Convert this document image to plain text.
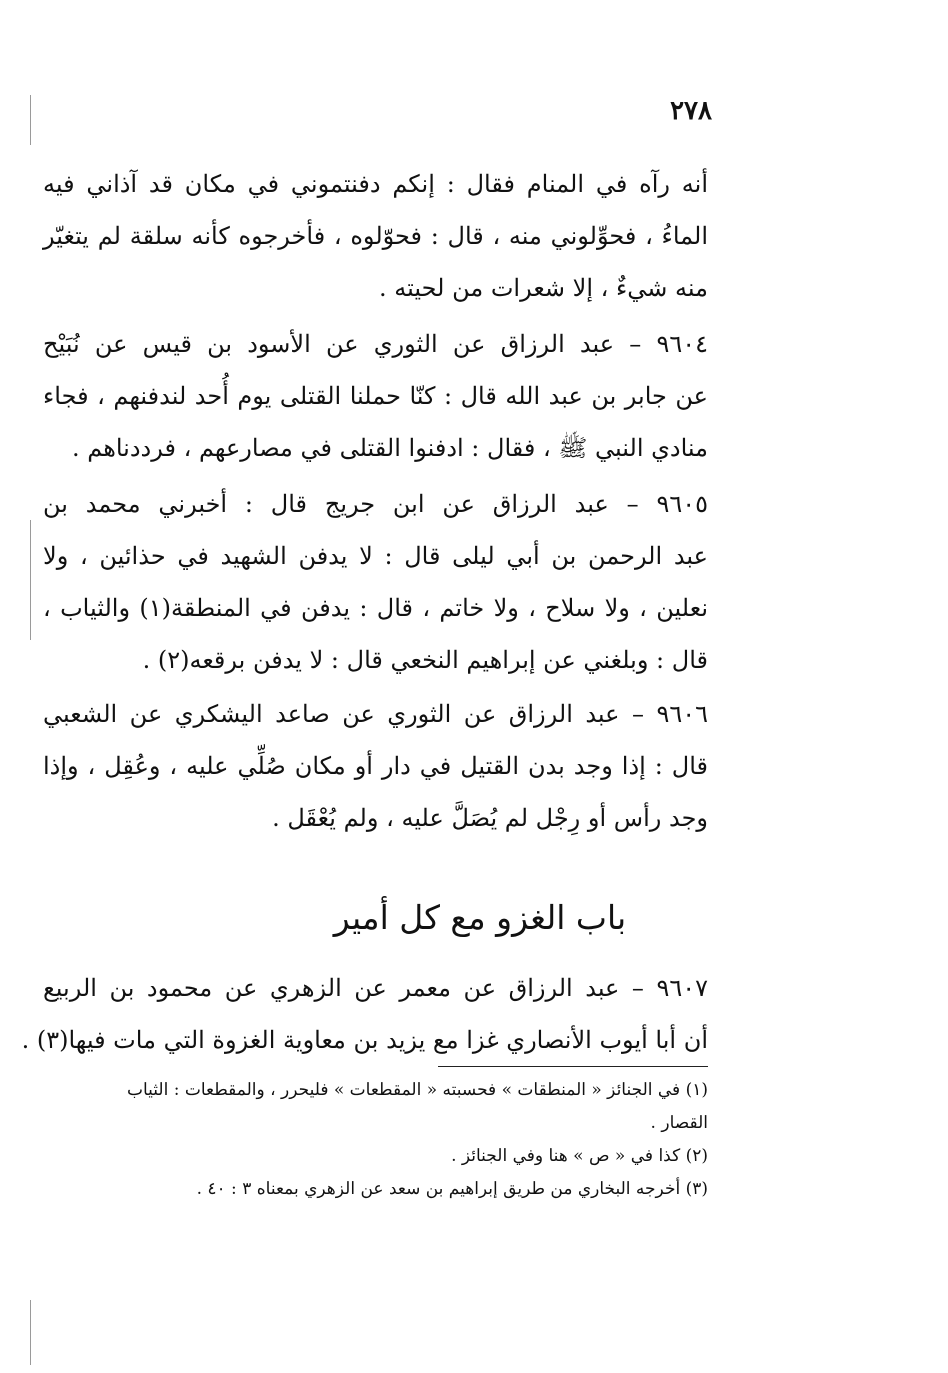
٢٧٨
أنه رآه في المنام فقال : إنكم دفنتموني في مكان قد آذاني فيه
الماءُ ، فحوِّلوني منه ، قال : فحوّلوه ، فأخرجوه كأنه سلقة لم يتغيّر
منه شيءٌ ، إلا شعرات من لحيته .
٩٦٠٤ – عبد الرزاق عن الثوري عن الأسود بن قيس عن نُبَيْح
عن جابر بن عبد الله قال : كنّا حملنا القتلى يوم أُحد لندفنهم ، فجاء
منادي النبي ﷺ ، فقال : ادفنوا القتلى في مصارعهم ، فرددناهم .
٩٦٠٥ – عبد الرزاق عن ابن جريج قال : أخبرني محمد بن
عبد الرحمن بن أبي ليلى قال : لا يدفن الشهيد في حذائين ، ولا
نعلين ، ولا سلاح ، ولا خاتم ، قال : يدفن في المنطقة(١) والثياب ،
قال : وبلغني عن إبراهيم النخعي قال : لا يدفن برقعه(٢) .
٩٦٠٦ – عبد الرزاق عن الثوري عن صاعد اليشكري عن الشعبي
قال : إذا وجد بدن القتيل في دار أو مكان صُلِّي عليه ، وعُقِل ، وإذا
وجد رأس أو رِجْل لم يُصَلَّ عليه ، ولم يُعْقَل .
باب الغزو مع كل أمير
٩٦٠٧ – عبد الرزاق عن معمر عن الزهري عن محمود بن الربيع
أن أبا أيوب الأنصاري غزا مع يزيد بن معاوية الغزوة التي مات فيها(٣) .
(١) في الجنائز « المنطقات » فحسبته « المقطعات » فليحرر ، والمقطعات : الثياب
القصار .
(٢) كذا في « ص » هنا وفي الجنائز .
(٣) أخرجه البخاري من طريق إبراهيم بن سعد عن الزهري بمعناه ٣ : ٤٠ .
